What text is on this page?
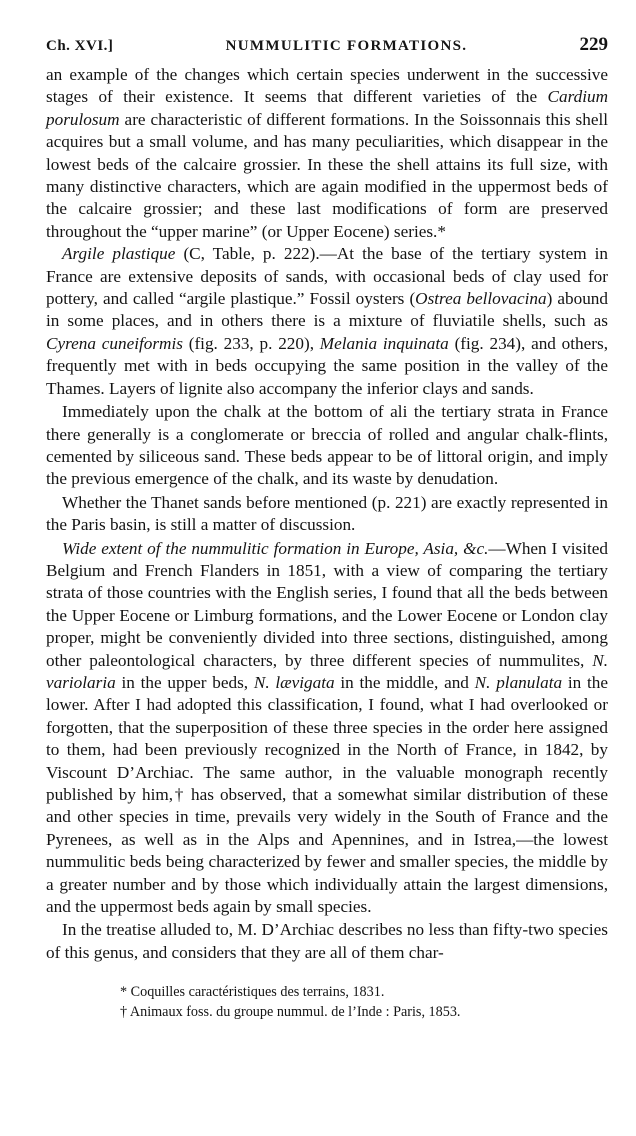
Ch. XVI.]	NUMMULITIC FORMATIONS.	229

an example of the changes which certain species underwent in the successive stages of their existence. It seems that different varieties of the Cardium porulosum are characteristic of different formations. In the Soissonnais this shell acquires but a small volume, and has many peculiarities, which disappear in the lowest beds of the calcaire grossier. In these the shell attains its full size, with many distinctive characters, which are again modified in the uppermost beds of the calcaire grossier; and these last modifications of form are preserved throughout the “upper marine” (or Upper Eocene) series.*

Argile plastique (C, Table, p. 222).—At the base of the tertiary system in France are extensive deposits of sands, with occasional beds of clay used for pottery, and called “argile plastique.” Fossil oysters (Ostrea bellovacina) abound in some places, and in others there is a mixture of fluviatile shells, such as Cyrena cuneiformis (fig. 233, p. 220), Melania inquinata (fig. 234), and others, frequently met with in beds occupying the same position in the valley of the Thames. Layers of lignite also accompany the inferior clays and sands.

Immediately upon the chalk at the bottom of ali the tertiary strata in France there generally is a conglomerate or breccia of rolled and angular chalk-flints, cemented by siliceous sand. These beds appear to be of littoral origin, and imply the previous emergence of the chalk, and its waste by denudation.

Whether the Thanet sands before mentioned (p. 221) are exactly represented in the Paris basin, is still a matter of discussion.

Wide extent of the nummulitic formation in Europe, Asia, &c.—When I visited Belgium and French Flanders in 1851, with a view of comparing the tertiary strata of those countries with the English series, I found that all the beds between the Upper Eocene or Limburg formations, and the Lower Eocene or London clay proper, might be conveniently divided into three sections, distinguished, among other paleontological characters, by three different species of nummulites, N. variolaria in the upper beds, N. lævigata in the middle, and N. planulata in the lower. After I had adopted this classification, I found, what I had overlooked or forgotten, that the superposition of these three species in the order here assigned to them, had been previously recognized in the North of France, in 1842, by Viscount D’Archiac. The same author, in the valuable monograph recently published by him,† has observed, that a somewhat similar distribution of these and other species in time, prevails very widely in the South of France and the Pyrenees, as well as in the Alps and Apennines, and in Istrea,—the lowest nummulitic beds being characterized by fewer and smaller species, the middle by a greater number and by those which individually attain the largest dimensions, and the uppermost beds again by small species.

In the treatise alluded to, M. D’Archiac describes no less than fifty-two species of this genus, and considers that they are all of them char-

* Coquilles caractéristiques des terrains, 1831.

† Animaux foss. du groupe nummul. de l’Inde : Paris, 1853.
